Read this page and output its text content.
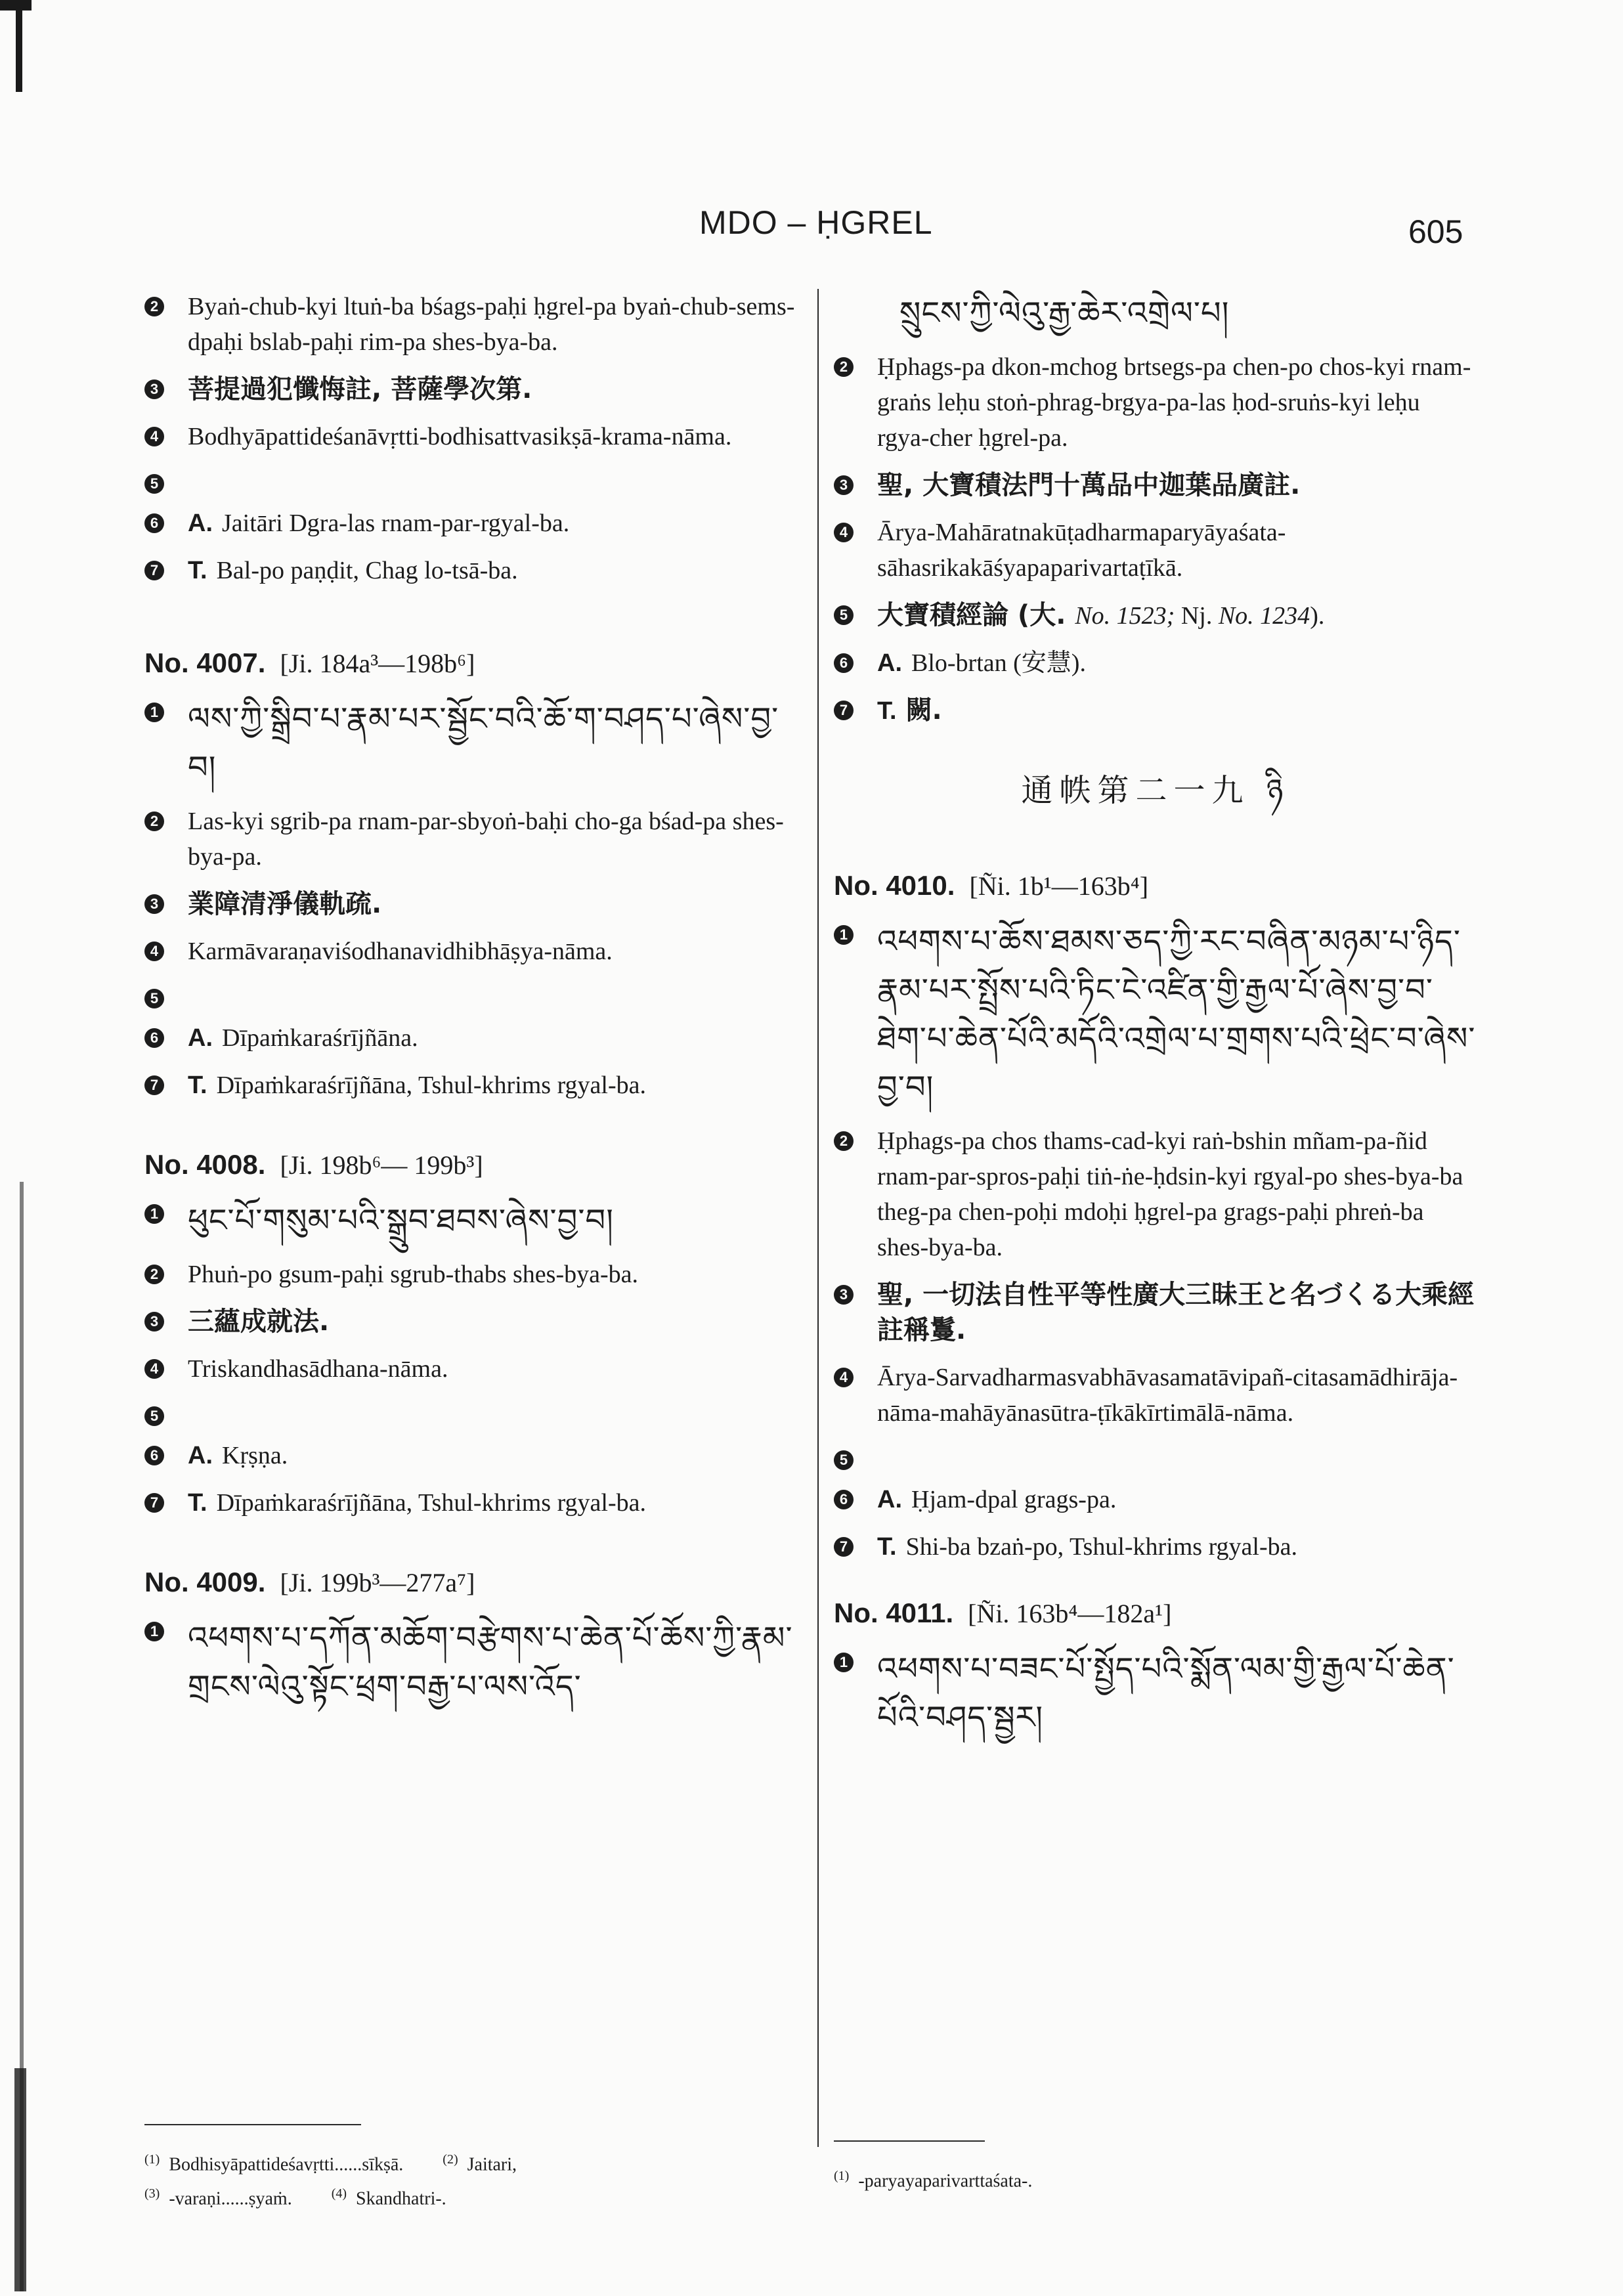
MDO – ḤGREL	605
2 Byaṅ-chub-kyi ltuṅ-ba bśags-paḥi ḥgrel-pa byaṅ-chub-sems-dpaḥi bslab-paḥi rim-pa shes-bya-ba.
3 菩提過犯懺悔註, 菩薩學次第.
4 Bodhyāpattideśanāvṛtti-bodhisattvasikṣā-krama-nāma.
5
6 A. Jaitāri Dgra-las rnam-par-rgyal-ba.
7 T. Bal-po paṇḍit, Chag lo-tsā-ba.
No. 4007. [Ji. 184a³—198b⁶]
1 ལས་ཀྱི་སྒྲིབ་པ་རྣམ་པར་སྦྱོང་བའི་ཆོ་ག་བཤད་པ་ཞེས་བྱ་བ།
2 Las-kyi sgrib-pa rnam-par-sbyoṅ-baḥi cho-ga bśad-pa shes-bya-pa.
3 業障清淨儀軌疏.
4 Karmāvaraṇaviśodhanavidhibhāṣya-nāma.
5
6 A. Dīpaṁkaraśrījñāna.
7 T. Dīpaṁkaraśrījñāna, Tshul-khrims rgyal-ba.
No. 4008. [Ji. 198b⁶— 199b³]
1 ཕུང་པོ་གསུམ་པའི་སྒྲུབ་ཐབས་ཞེས་བྱ་བ།
2 Phuṅ-po gsum-paḥi sgrub-thabs shes-bya-ba.
3 三蘊成就法.
4 Triskandhasādhana-nāma.
5
6 A. Kṛṣṇa.
7 T. Dīpaṁkaraśrījñāna, Tshul-khrims rgyal-ba.
No. 4009. [Ji. 199b³—277a⁷]
1 འཕགས་པ་དཀོན་མཆོག་བརྩེགས་པ་ཆེན་པོ་ཆོས་ཀྱི་རྣམ་གྲངས་ལེའུ་སྟོང་ཕྲག་བརྒྱ་པ་ལས་འོད་
$^{(1)}$ Bodhisyāpattideśavṛtti......sīkṣā.	$^{(2)}$ Jaitari,
$^{(3)}$ -varaṇi......ṣyaṁ.	$^{(4)}$ Skandhatri-.
སྲུངས་ཀྱི་ལེའུ་རྒྱ་ཆེར་འགྲེལ་པ།
2 Ḥphags-pa dkon-mchog brtsegs-pa chen-po chos-kyi rnam-graṅs leḥu stoṅ-phrag-brgya-pa-las ḥod-sruṅs-kyi leḥu rgya-cher ḥgrel-pa.
3 聖, 大寶積法門十萬品中迦葉品廣註.
4 Ārya-Mahāratnakūṭadharmaparyāyaśata-sāhasrikakāśyapaparivartaṭīkā.
5 大寶積經論 (大. No. 1523; Nj. No. 1234).
6 A. Blo-brtan (安慧).
7 T. 闕.
通帙第二一九 ཉི
No. 4010. [Ñi. 1b¹—163b⁴]
1 འཕགས་པ་ཆོས་ཐམས་ཅད་ཀྱི་རང་བཞིན་མཉམ་པ་ཉིད་རྣམ་པར་སྤྲོས་པའི་ཏིང་ངེ་འཛིན་གྱི་རྒྱལ་པོ་ཞེས་བྱ་བ་ཐེག་པ་ཆེན་པོའི་མདོའི་འགྲེལ་པ་གྲགས་པའི་ཕྲེང་བ་ཞེས་བྱ་བ།
2 Ḥphags-pa chos thams-cad-kyi raṅ-bshin mñam-pa-ñid rnam-par-spros-paḥi tiṅ-ṅe-ḥdsin-kyi rgyal-po shes-bya-ba theg-pa chen-poḥi mdoḥi ḥgrel-pa grags-paḥi phreṅ-ba shes-bya-ba.
3 聖, 一切法自性平等性廣大三昧王と名づくる大乘經註稱鬘.
4 Ārya-Sarvadharmasvabhāvasamatāvipañ-citasamādhirāja-nāma-mahāyānasūtra-ṭīkākīrtimālā-nāma.
5
6 A. Ḥjam-dpal grags-pa.
7 T. Shi-ba bzaṅ-po, Tshul-khrims rgyal-ba.
No. 4011. [Ñi. 163b⁴—182a¹]
1 འཕགས་པ་བཟང་པོ་སྤྱོད་པའི་སྨོན་ལམ་གྱི་རྒྱལ་པོ་ཆེན་པོའི་བཤད་སྦྱར།
$^{(1)}$ -paryayaparivarttaśata-.
